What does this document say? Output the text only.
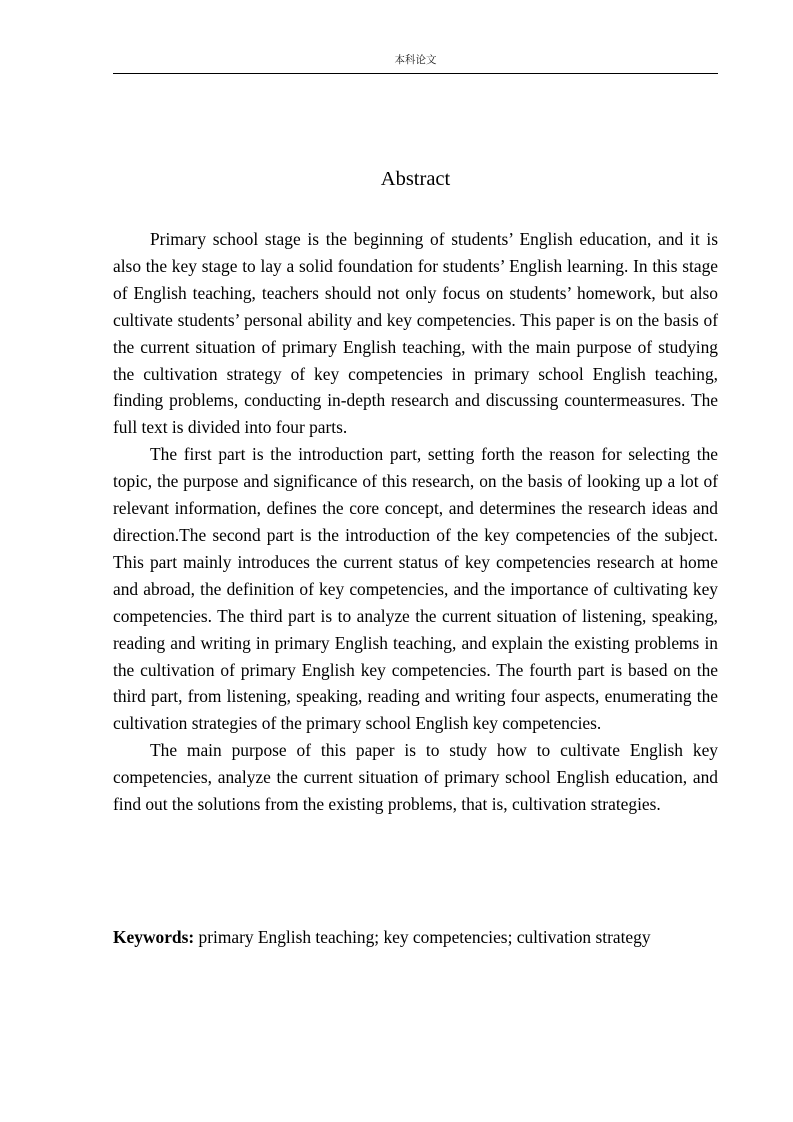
本科论文
Abstract

Primary school stage is the beginning of students’ English education, and it is also the key stage to lay a solid foundation for students’ English learning. In this stage of English teaching, teachers should not only focus on students’ homework, but also cultivate students’ personal ability and key competencies. This paper is on the basis of the current situation of primary English teaching, with the main purpose of studying the cultivation strategy of key competencies in primary school English teaching, finding problems, conducting in-depth research and discussing countermeasures. The full text is divided into four parts.

The first part is the introduction part, setting forth the reason for selecting the topic, the purpose and significance of this research, on the basis of looking up a lot of relevant information, defines the core concept, and determines the research ideas and direction.The second part is the introduction of the key competencies of the subject. This part mainly introduces the current status of key competencies research at home and abroad, the definition of key competencies, and the importance of cultivating key competencies. The third part is to analyze the current situation of listening, speaking, reading and writing in primary English teaching, and explain the existing problems in the cultivation of primary English key competencies. The fourth part is based on the third part, from listening, speaking, reading and writing four aspects, enumerating the cultivation strategies of the primary school English key competencies.

The main purpose of this paper is to study how to cultivate English key competencies, analyze the current situation of primary school English education, and find out the solutions from the existing problems, that is, cultivation strategies.

Keywords: primary English teaching; key competencies; cultivation strategy
